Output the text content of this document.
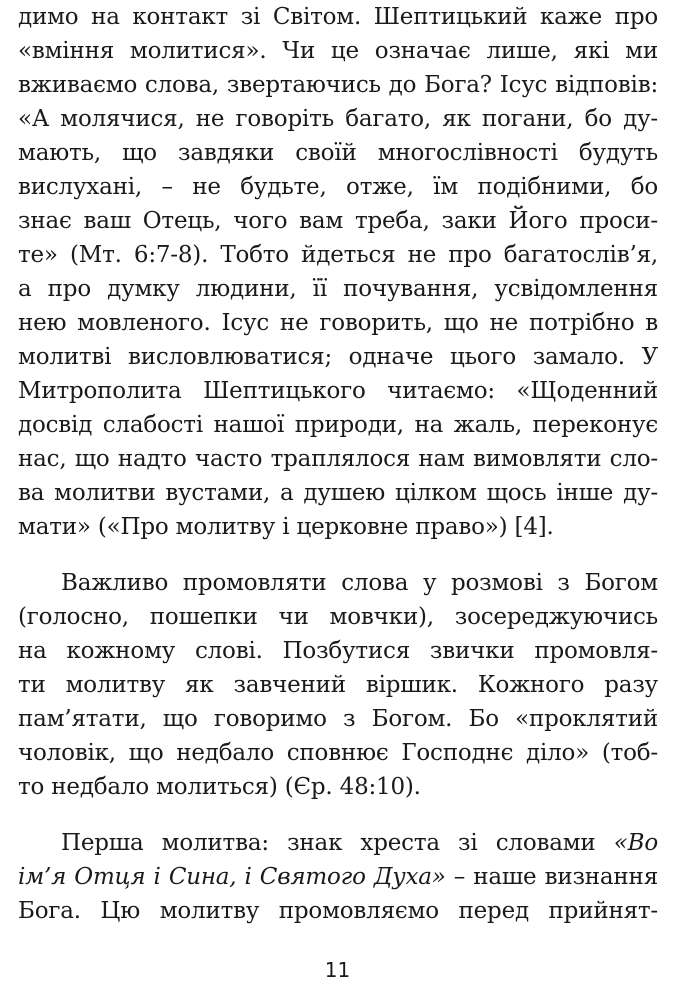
димо на контакт зі Світом. Шептицький каже про
«вміння молитися». Чи це означає лише, які ми
вживаємо слова, звертаючись до Бога? Ісус відповів:
«А молячися, не говоріть багато, як погани, бо ду-
мають, що завдяки своїй многослівності будуть
вислухані, – не будьте, отже, їм подібними, бо
знає ваш Отець, чого вам треба, заки Його проси-
те» (Мт. 6:7-8). Тобто йдеться не про багатослів’я,
а про думку людини, її почування, усвідомлення
нею мовленого. Ісус не говорить, що не потрібно в
молитві висловлюватися; одначе цього замало. У
Митрополита Шептицького читаємо: «Щоденний
досвід слабості нашої природи, на жаль, переконує
нас, що надто часто траплялося нам вимовляти сло-
ва молитви вустами, а душею цілком щось інше ду-
мати» («Про молитву і церковне право») [4].
Важливо промовляти слова у розмові з Богом
(голосно, пошепки чи мовчки), зосереджуючись
на кожному слові. Позбутися звички промовля-
ти молитву як завчений віршик. Кожного разу
пам’ятати, що говоримо з Богом. Бо «проклятий
чоловік, що недбало сповнює Господнє діло» (тоб-
то недбало молиться) (Єр. 48:10).
Перша молитва: знак хреста зі словами «Во
ім’я Отця і Сина, і Святого Духа» – наше визнання
Бога. Цю молитву промовляємо перед прийнят-
11
